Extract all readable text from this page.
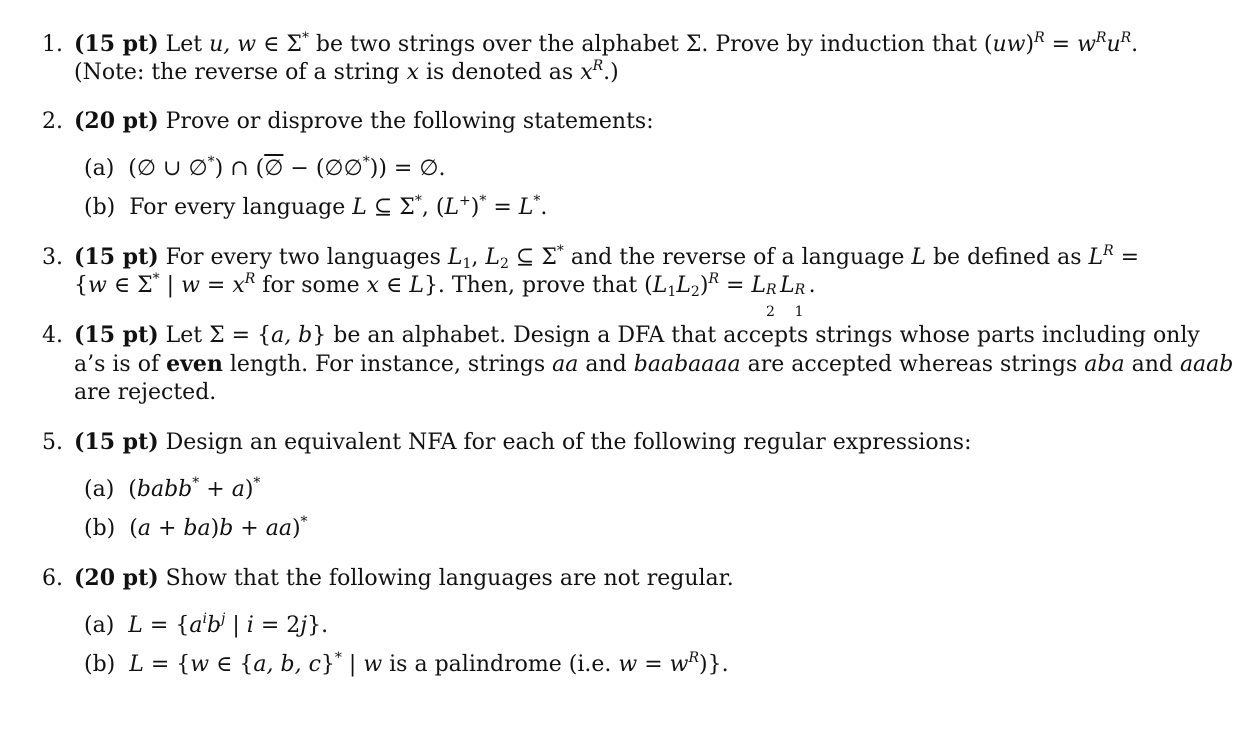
1. (15 pt) Let u, w ∈ Σ* be two strings over the alphabet Σ. Prove by induction that $(uw)^R = w^Ru^R$.
(Note: the reverse of a string x is denoted as $x^R$.)
2. (20 pt) Prove or disprove the following statements:
(a) (∅ ∪ ∅*) ∩ (∅ − (∅∅*)) = ∅.
(b) For every language L ⊆ Σ*, (L+)* = L*.
3. (15 pt) For every two languages $L_1$, $L_2$ ⊆ Σ* and the reverse of a language L be defined as $L^R$ =
{w ∈ Σ* | $w = x^R$ for some x ∈ L}. Then, prove that $(L_1L_2)^R = L$ R
2
L R
1
.
4. (15 pt) Let Σ = {a, b} be an alphabet. Design a DFA that accepts strings whose parts including only
a’s is of even length. For instance, strings aa and baabaaaa are accepted whereas strings aba and aaab
are rejected.
5. (15 pt) Design an equivalent NFA for each of the following regular expressions:
(a) (babb* + a)*
(b) (a + ba)b + aa)*
6. (20 pt) Show that the following languages are not regular.
(a) $L = \{a^ib^j$ | i = 2j}.
(b) L = {w ∈ {a, b, c}* | w is a palindrome (i.e. $w = w^R$)}.
